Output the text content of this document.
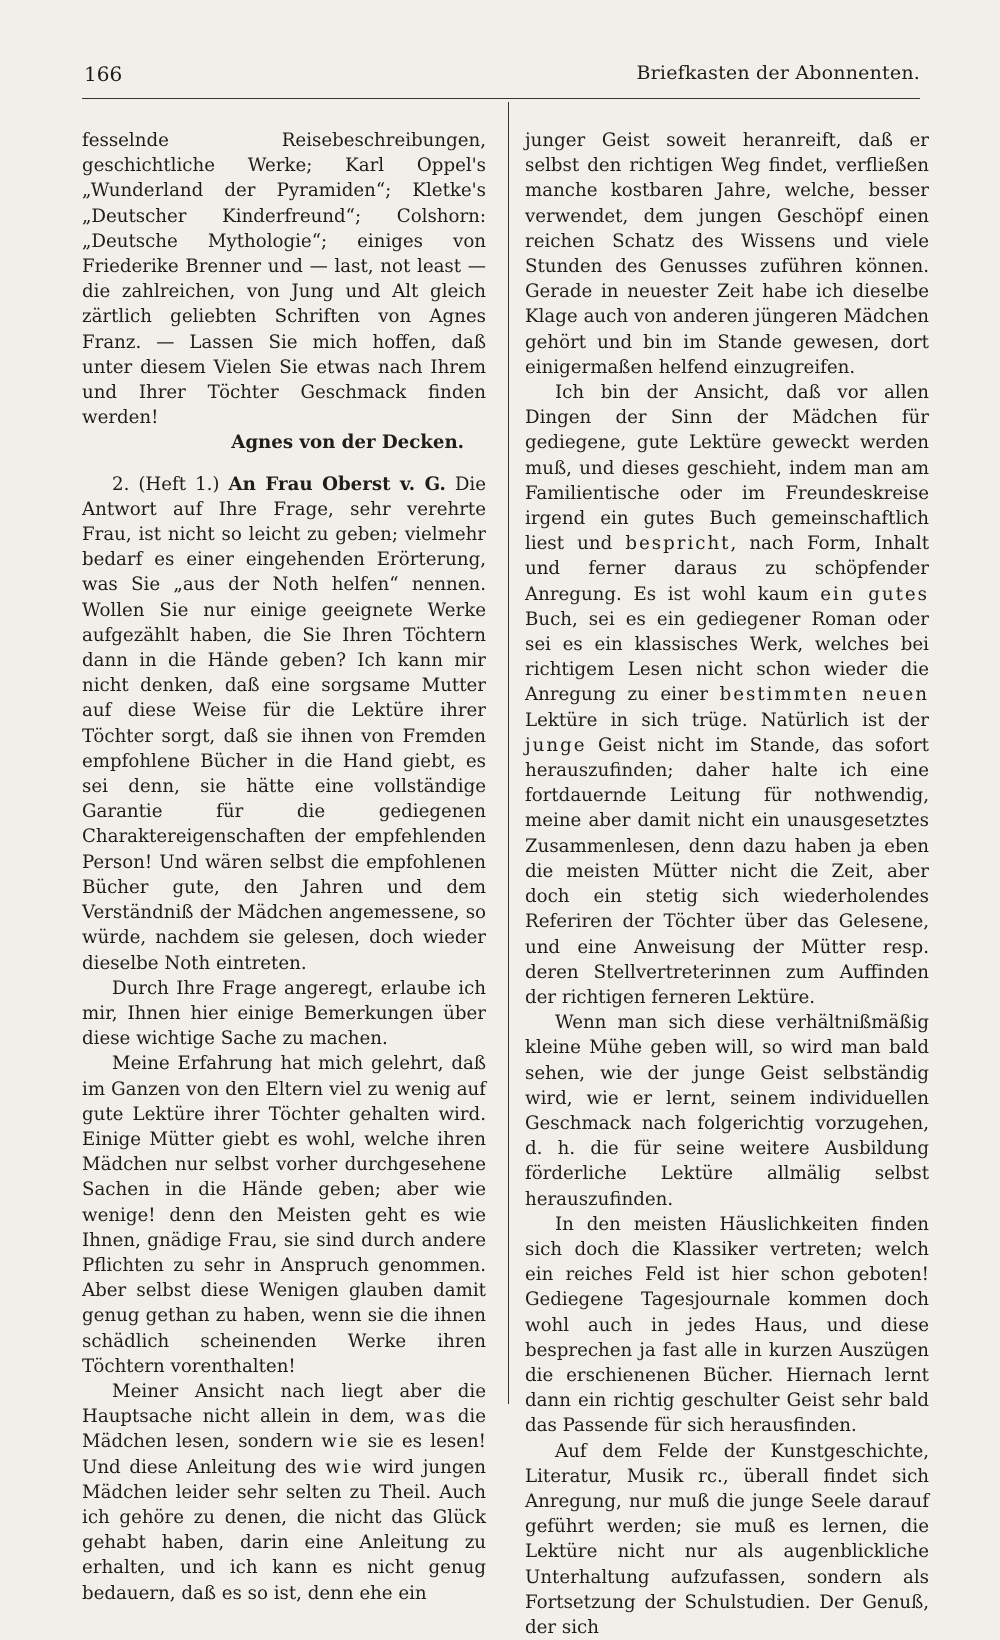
166	Briefkasten der Abonnenten.

fesselnde Reisebeschreibungen, geschichtliche Werke; Karl Oppel's „Wunderland der Pyramiden“; Kletke's „Deutscher Kinderfreund“; Colshorn: „Deutsche Mythologie“; einiges von Friederike Brenner und — last, not least — die zahlreichen, von Jung und Alt gleich zärtlich geliebten Schriften von Agnes Franz. — Lassen Sie mich hoffen, daß unter diesem Vielen Sie etwas nach Ihrem und Ihrer Töchter Geschmack finden werden!

Agnes von der Decken.

2. (Heft 1.) An Frau Oberst v. G. Die Antwort auf Ihre Frage, sehr verehrte Frau, ist nicht so leicht zu geben; vielmehr bedarf es einer eingehenden Erörterung, was Sie „aus der Noth helfen“ nennen. Wollen Sie nur einige geeignete Werke aufgezählt haben, die Sie Ihren Töchtern dann in die Hände geben? Ich kann mir nicht denken, daß eine sorgsame Mutter auf diese Weise für die Lektüre ihrer Töchter sorgt, daß sie ihnen von Fremden empfohlene Bücher in die Hand giebt, es sei denn, sie hätte eine vollständige Garantie für die gediegenen Charaktereigenschaften der empfehlenden Person! Und wären selbst die empfohlenen Bücher gute, den Jahren und dem Verständniß der Mädchen angemessene, so würde, nachdem sie gelesen, doch wieder dieselbe Noth eintreten.

Durch Ihre Frage angeregt, erlaube ich mir, Ihnen hier einige Bemerkungen über diese wichtige Sache zu machen.

Meine Erfahrung hat mich gelehrt, daß im Ganzen von den Eltern viel zu wenig auf gute Lektüre ihrer Töchter gehalten wird. Einige Mütter giebt es wohl, welche ihren Mädchen nur selbst vorher durchgesehene Sachen in die Hände geben; aber wie wenige! denn den Meisten geht es wie Ihnen, gnädige Frau, sie sind durch andere Pflichten zu sehr in Anspruch genommen. Aber selbst diese Wenigen glauben damit genug gethan zu haben, wenn sie die ihnen schädlich scheinenden Werke ihren Töchtern vorenthalten!

Meiner Ansicht nach liegt aber die Hauptsache nicht allein in dem, was die Mädchen lesen, sondern wie sie es lesen! Und diese Anleitung des wie wird jungen Mädchen leider sehr selten zu Theil. Auch ich gehöre zu denen, die nicht das Glück gehabt haben, darin eine Anleitung zu erhalten, und ich kann es nicht genug bedauern, daß es so ist, denn ehe ein

junger Geist soweit heranreift, daß er selbst den richtigen Weg findet, verfließen manche kostbaren Jahre, welche, besser verwendet, dem jungen Geschöpf einen reichen Schatz des Wissens und viele Stunden des Genusses zuführen können. Gerade in neuester Zeit habe ich dieselbe Klage auch von anderen jüngeren Mädchen gehört und bin im Stande gewesen, dort einigermaßen helfend einzugreifen.

Ich bin der Ansicht, daß vor allen Dingen der Sinn der Mädchen für gediegene, gute Lektüre geweckt werden muß, und dieses geschieht, indem man am Familientische oder im Freundeskreise irgend ein gutes Buch gemeinschaftlich liest und bespricht, nach Form, Inhalt und ferner daraus zu schöpfender Anregung. Es ist wohl kaum ein gutes Buch, sei es ein gediegener Roman oder sei es ein klassisches Werk, welches bei richtigem Lesen nicht schon wieder die Anregung zu einer bestimmten neuen Lektüre in sich trüge. Natürlich ist der junge Geist nicht im Stande, das sofort herauszufinden; daher halte ich eine fortdauernde Leitung für nothwendig, meine aber damit nicht ein unausgesetztes Zusammenlesen, denn dazu haben ja eben die meisten Mütter nicht die Zeit, aber doch ein stetig sich wiederholendes Referiren der Töchter über das Gelesene, und eine Anweisung der Mütter resp. deren Stellvertreterinnen zum Auffinden der richtigen ferneren Lektüre.

Wenn man sich diese verhältnißmäßig kleine Mühe geben will, so wird man bald sehen, wie der junge Geist selbständig wird, wie er lernt, seinem individuellen Geschmack nach folgerichtig vorzugehen, d. h. die für seine weitere Ausbildung förderliche Lektüre allmälig selbst herauszufinden.

In den meisten Häuslichkeiten finden sich doch die Klassiker vertreten; welch ein reiches Feld ist hier schon geboten! Gediegene Tagesjournale kommen doch wohl auch in jedes Haus, und diese besprechen ja fast alle in kurzen Auszügen die erschienenen Bücher. Hiernach lernt dann ein richtig geschulter Geist sehr bald das Passende für sich herausfinden.

Auf dem Felde der Kunstgeschichte, Literatur, Musik rc., überall findet sich Anregung, nur muß die junge Seele darauf geführt werden; sie muß es lernen, die Lektüre nicht nur als augenblickliche Unterhaltung aufzufassen, sondern als Fortsetzung der Schulstudien. Der Genuß, der sich
